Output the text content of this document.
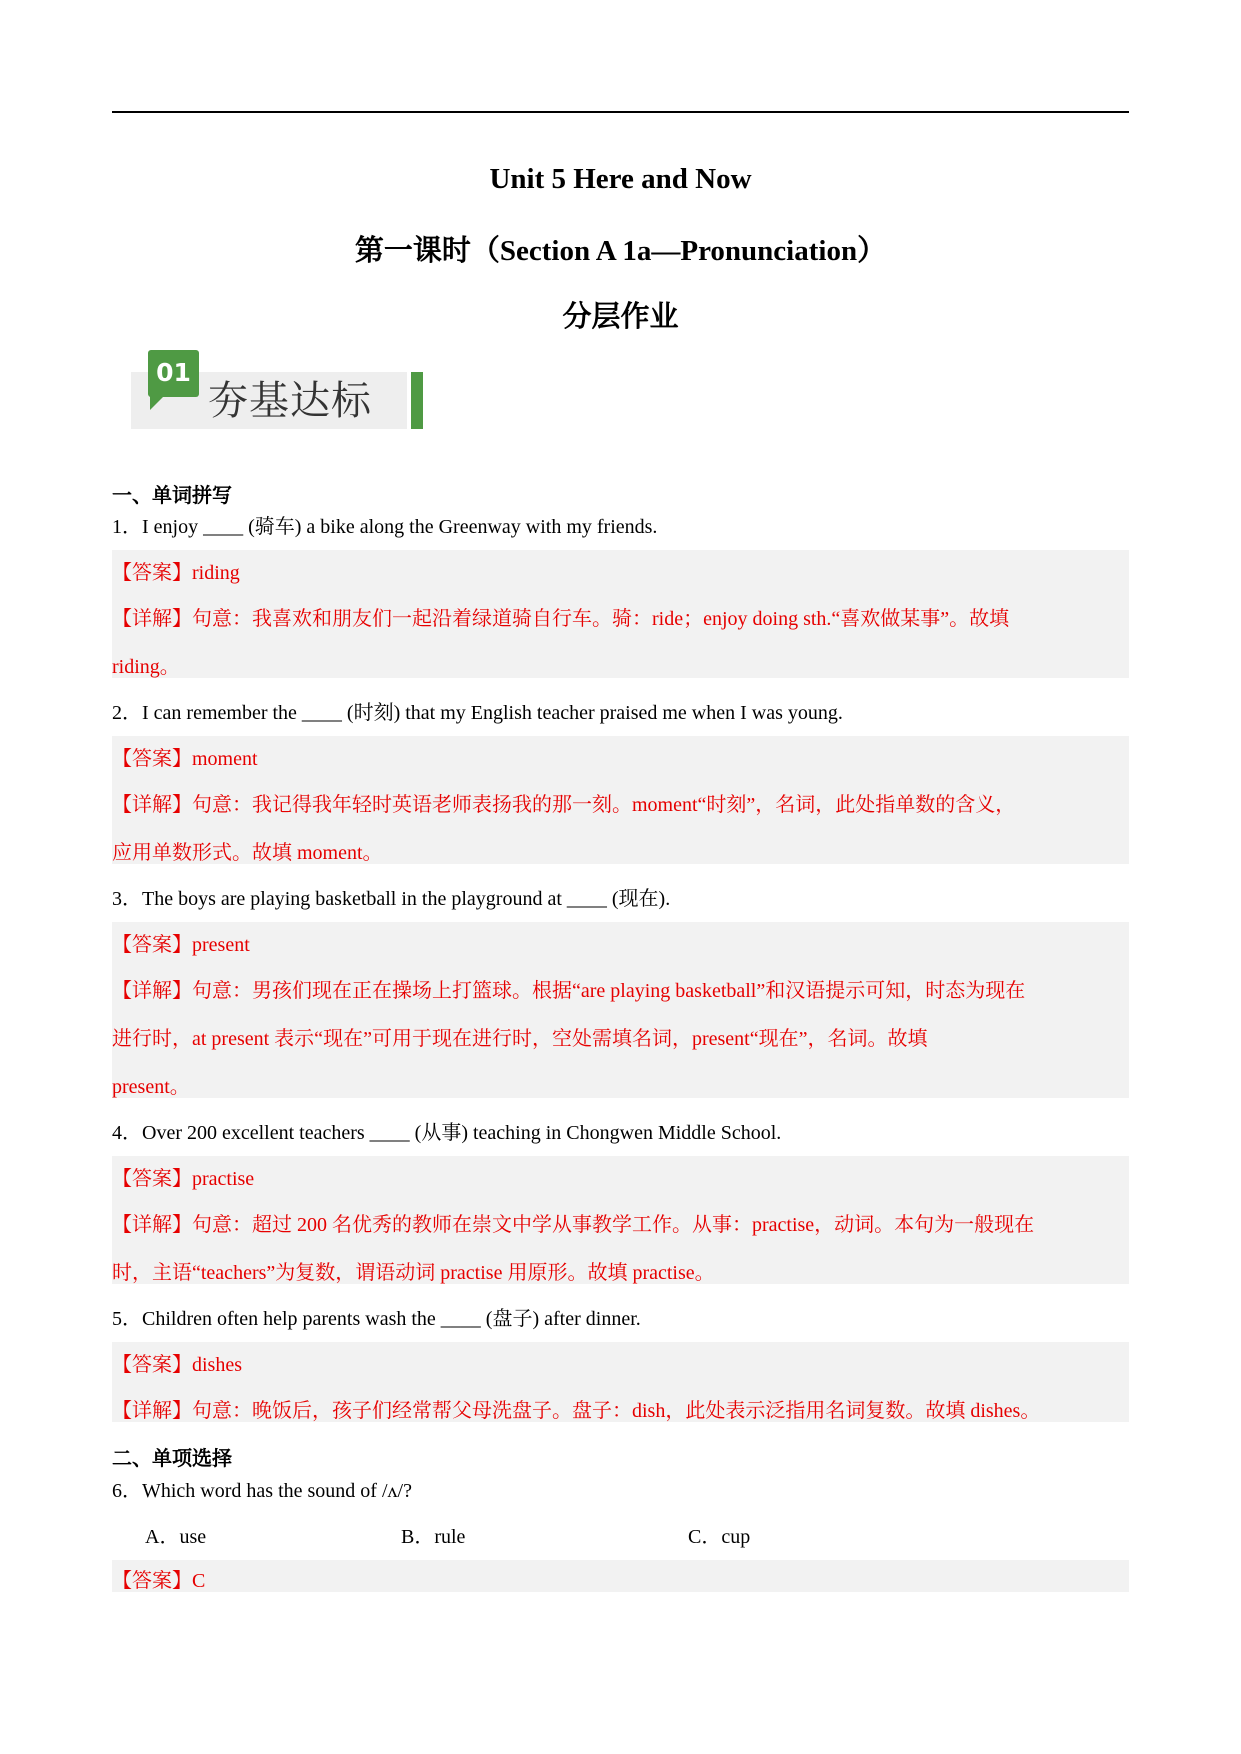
Unit 5 Here and Now
第一课时（Section A 1a—Pronunciation）
分层作业
01
夯基达标
一、单词拼写
1．I enjoy ____ (骑车) a bike along the Greenway with my friends.
【答案】riding
【详解】句意：我喜欢和朋友们一起沿着绿道骑自行车。骑：ride；enjoy doing sth.“喜欢做某事”。故填
riding。
2．I can remember the ____ (时刻) that my English teacher praised me when I was young.
【答案】moment
【详解】句意：我记得我年轻时英语老师表扬我的那一刻。moment“时刻”，名词，此处指单数的含义，
应用单数形式。故填 moment。
3．The boys are playing basketball in the playground at ____ (现在).
【答案】present
【详解】句意：男孩们现在正在操场上打篮球。根据“are playing basketball”和汉语提示可知，时态为现在
进行时，at present 表示“现在”可用于现在进行时，空处需填名词，present“现在”，名词。故填
present。
4．Over 200 excellent teachers ____ (从事) teaching in Chongwen Middle School.
【答案】practise
【详解】句意：超过 200 名优秀的教师在崇文中学从事教学工作。从事：practise，动词。本句为一般现在
时，主语“teachers”为复数，谓语动词 practise 用原形。故填 practise。
5．Children often help parents wash the ____ (盘子) after dinner.
【答案】dishes
【详解】句意：晚饭后，孩子们经常帮父母洗盘子。盘子：dish，此处表示泛指用名词复数。故填 dishes。
二、单项选择
6．Which word has the sound of /ʌ/?
A．use	B．rule	C．cup
【答案】C
